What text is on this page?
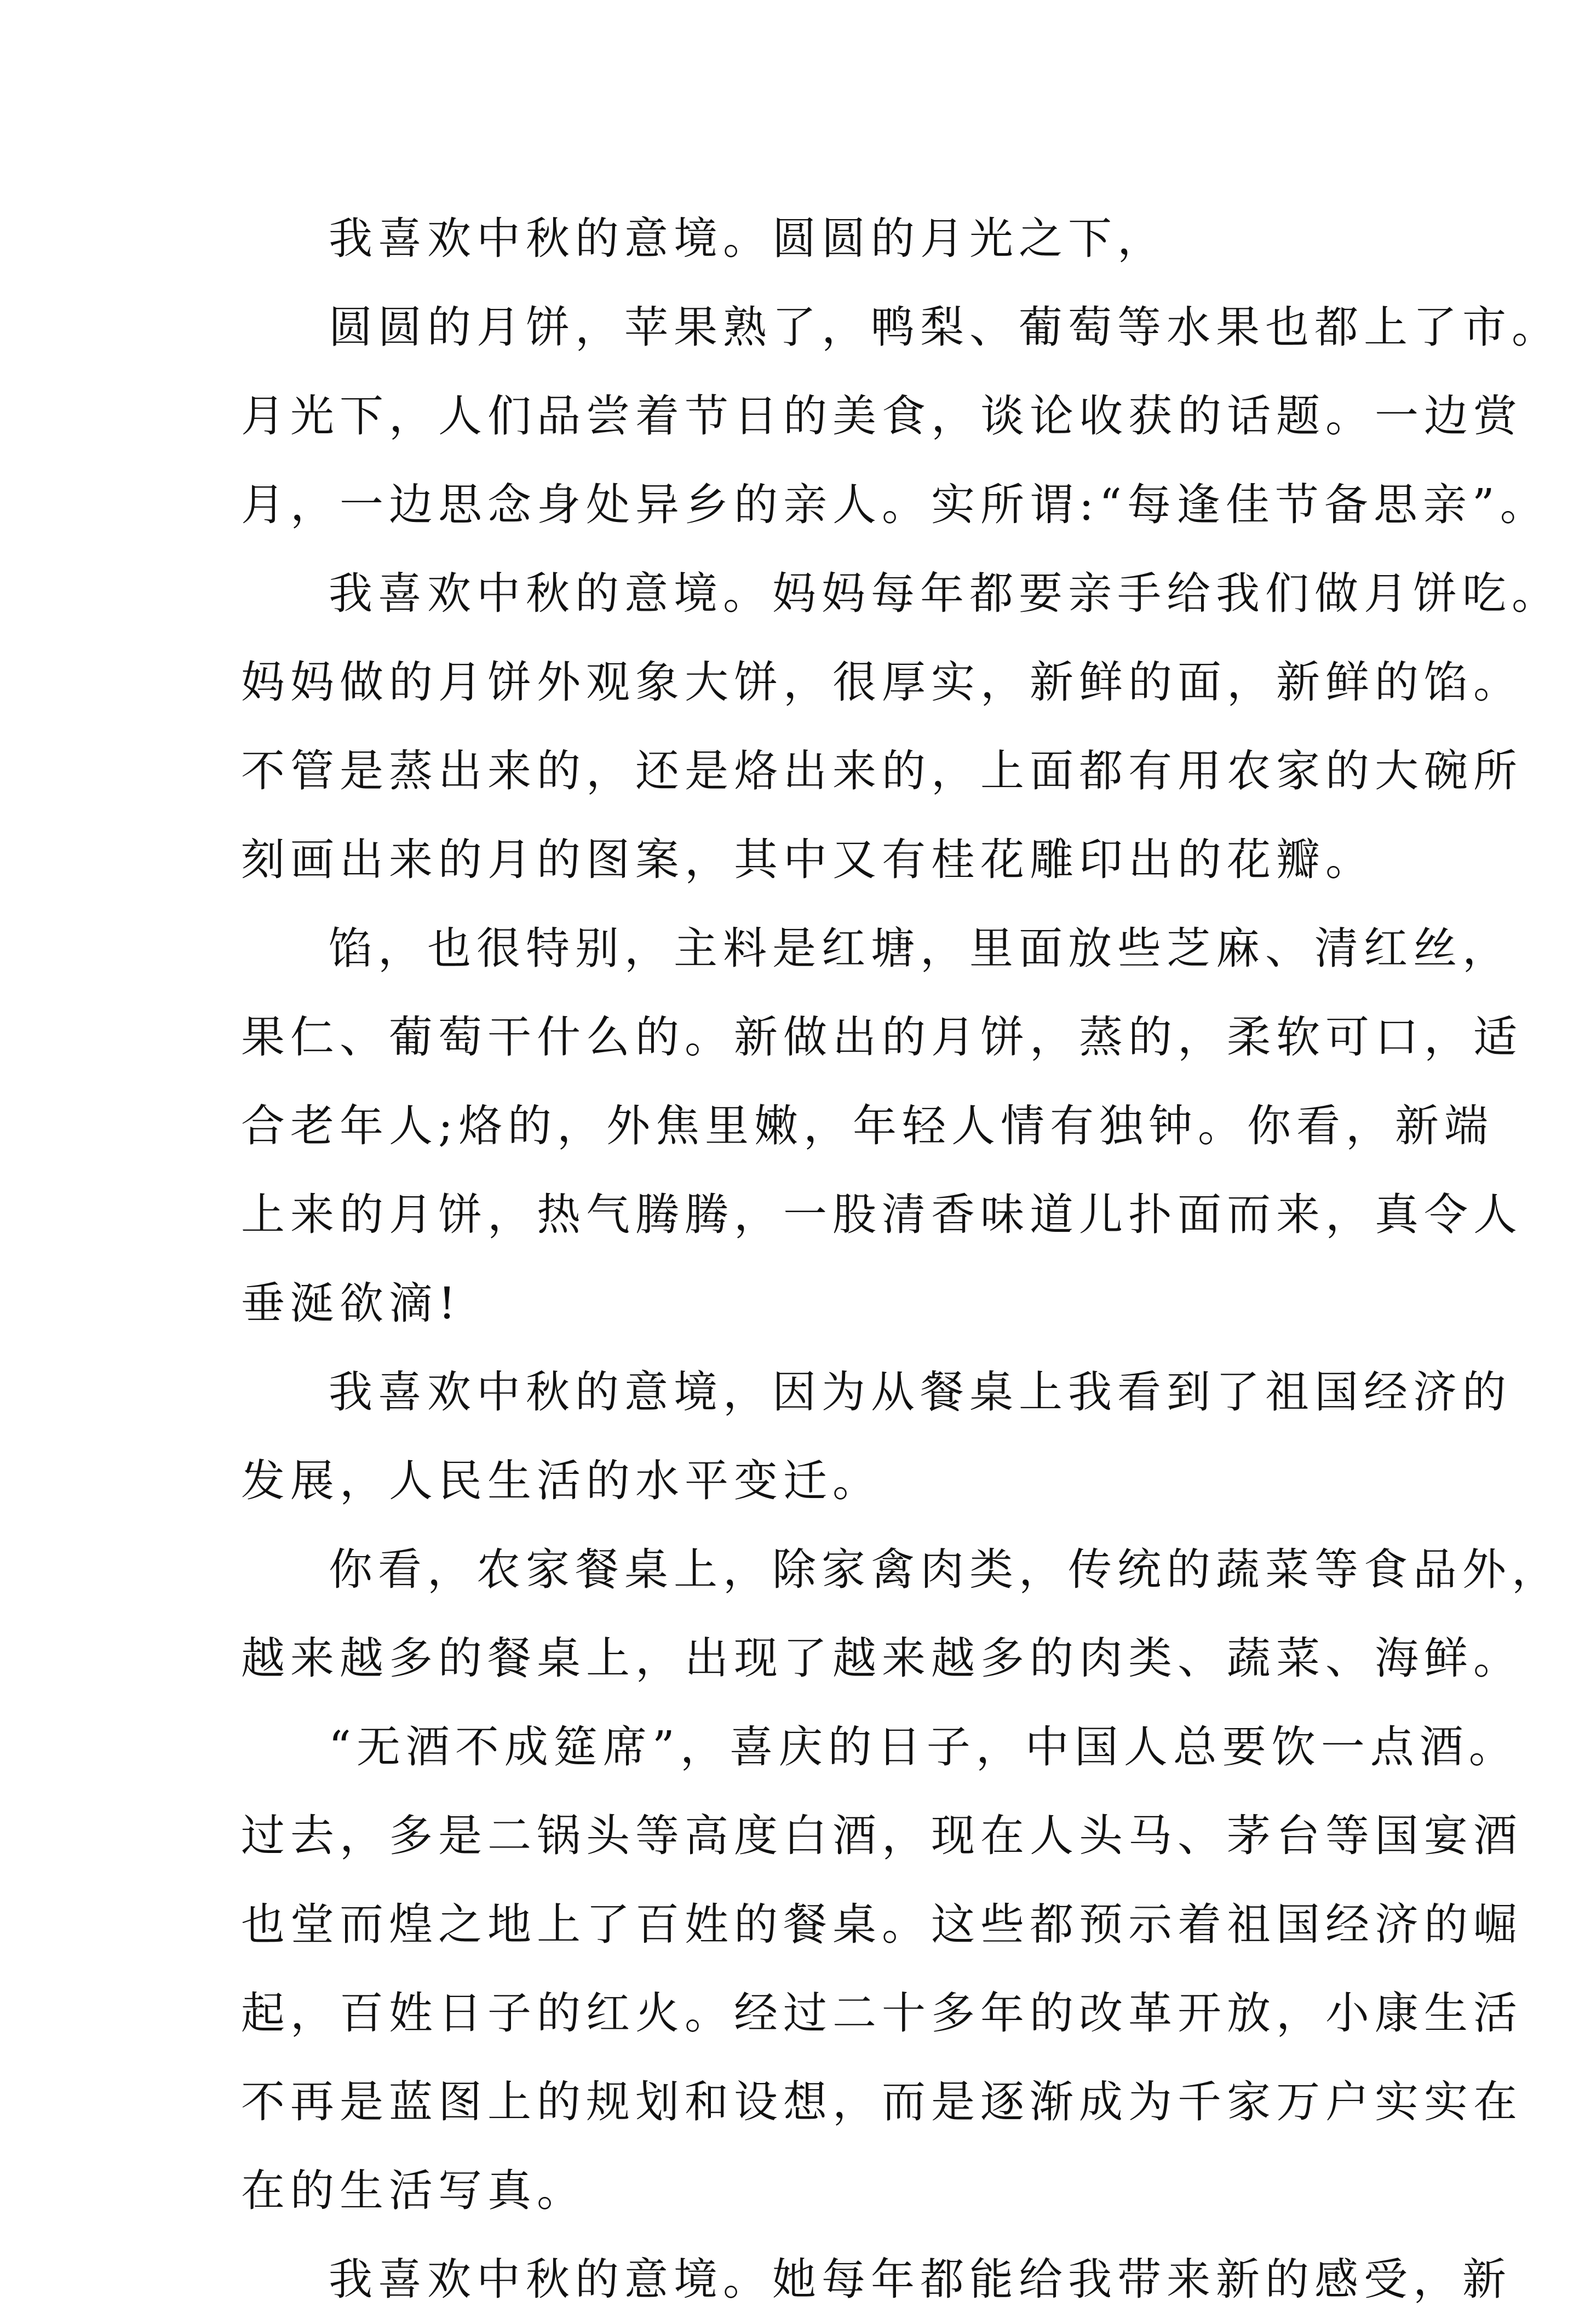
我喜欢中秋的意境。圆圆的月光之下，
圆圆的月饼，苹果熟了，鸭梨、葡萄等水果也都上了市。
月光下，人们品尝着节日的美食，谈论收获的话题。一边赏
月，一边思念身处异乡的亲人。实所谓:“每逢佳节备思亲”。
我喜欢中秋的意境。妈妈每年都要亲手给我们做月饼吃。
妈妈做的月饼外观象大饼，很厚实，新鲜的面，新鲜的馅。
不管是蒸出来的，还是烙出来的，上面都有用农家的大碗所
刻画出来的月的图案，其中又有桂花雕印出的花瓣。
馅，也很特别，主料是红塘，里面放些芝麻、清红丝，
果仁、葡萄干什么的。新做出的月饼，蒸的，柔软可口，适
合老年人;烙的，外焦里嫩，年轻人情有独钟。你看，新端
上来的月饼，热气腾腾，一股清香味道儿扑面而来，真令人
垂涎欲滴!
我喜欢中秋的意境，因为从餐桌上我看到了祖国经济的
发展，人民生活的水平变迁。
你看，农家餐桌上，除家禽肉类，传统的蔬菜等食品外，
越来越多的餐桌上，出现了越来越多的肉类、蔬菜、海鲜。
“无酒不成筵席”，喜庆的日子，中国人总要饮一点酒。
过去，多是二锅头等高度白酒，现在人头马、茅台等国宴酒
也堂而煌之地上了百姓的餐桌。这些都预示着祖国经济的崛
起，百姓日子的红火。经过二十多年的改革开放，小康生活
不再是蓝图上的规划和设想，而是逐渐成为千家万户实实在
在的生活写真。
我喜欢中秋的意境。她每年都能给我带来新的感受，新
